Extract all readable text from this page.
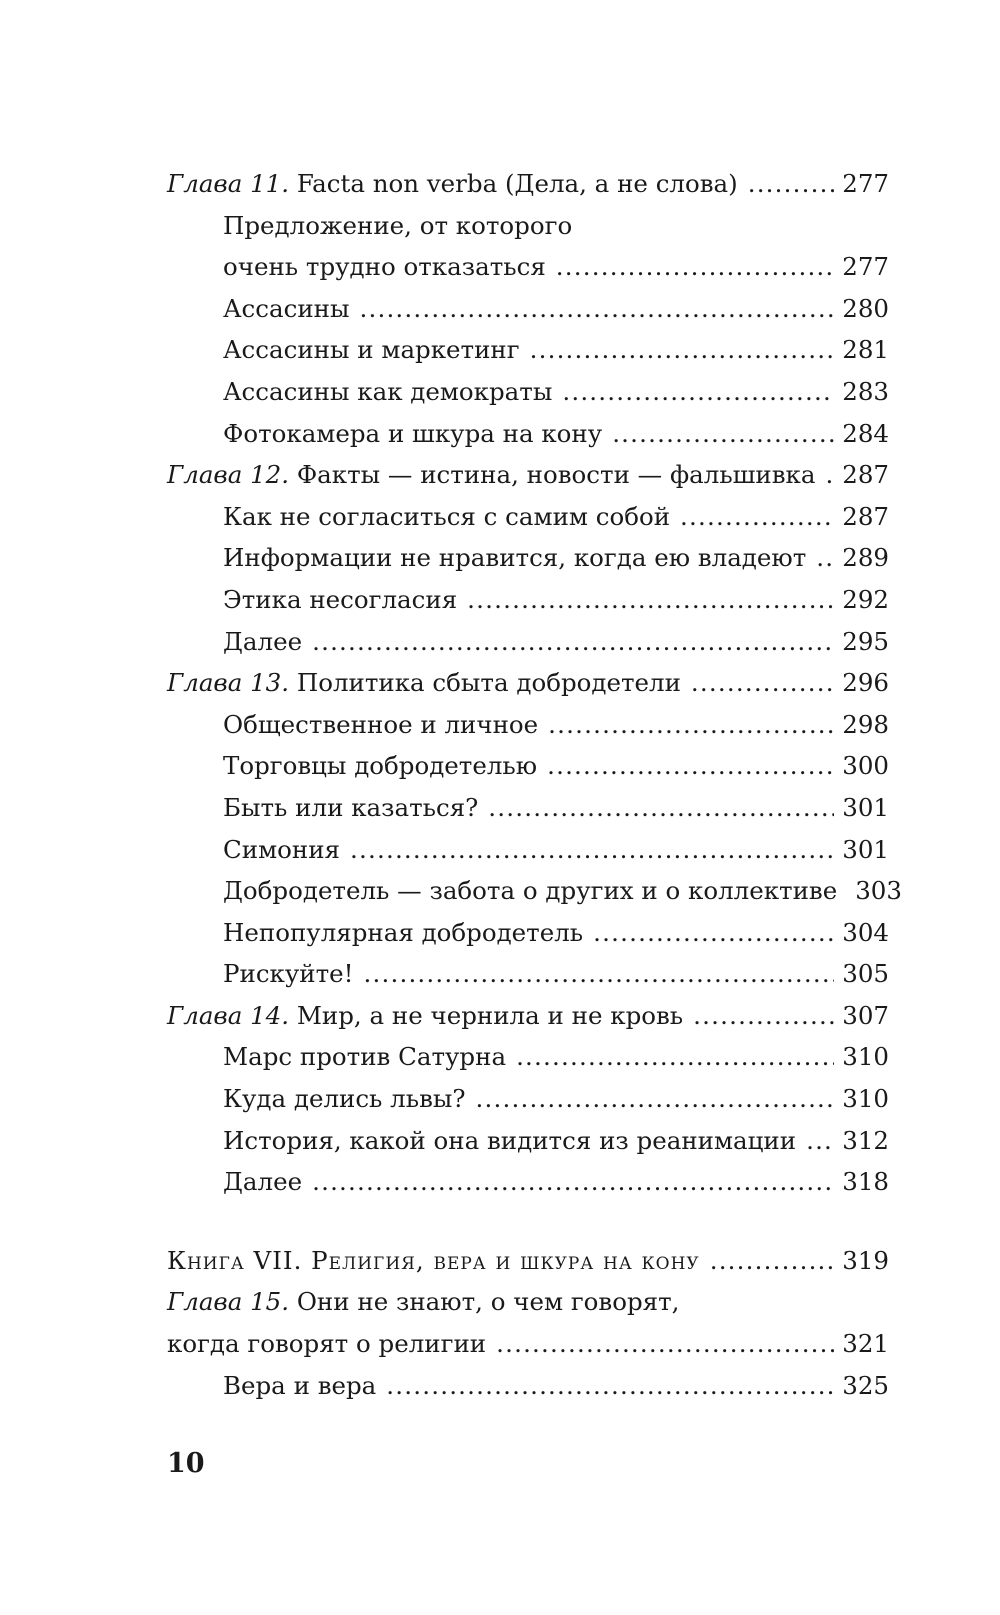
Глава 11. Facta non verba (Дела, а не слова) .....	277
Предложение, от которого
очень трудно отказаться .....	277
Ассасины .....	280
Ассасины и маркетинг .....	281
Ассасины как демократы .....	283
Фотокамера и шкура на кону .....	284
Глава 12. Факты — истина, новости — фальшивка ..... 287
Как не согласиться с самим собой .....	287
Информации не нравится, когда ею владеют ..... 289
Этика несогласия .....	292
Далее .....	295
Глава 13. Политика сбыта добродетели .....	296
Общественное и личное .....	298
Торговцы добродетелью .....	300
Быть или казаться? .....	301
Симония .....	301
Добродетель — забота о других и о коллективе 303
Непопулярная добродетель .....	304
Рискуйте! .....	305
Глава 14. Мир, а не чернила и не кровь .....	307
Марс против Сатурна .....	310
Куда делись львы? .....	310
История, какой она видится из реанимации ..... 312
Далее .....	318
Книга VII. Религия, вера и шкура на кону .....	319
Глава 15. Они не знают, о чем говорят,
когда говорят о религии .....	321
Вера и вера .....	325
10
